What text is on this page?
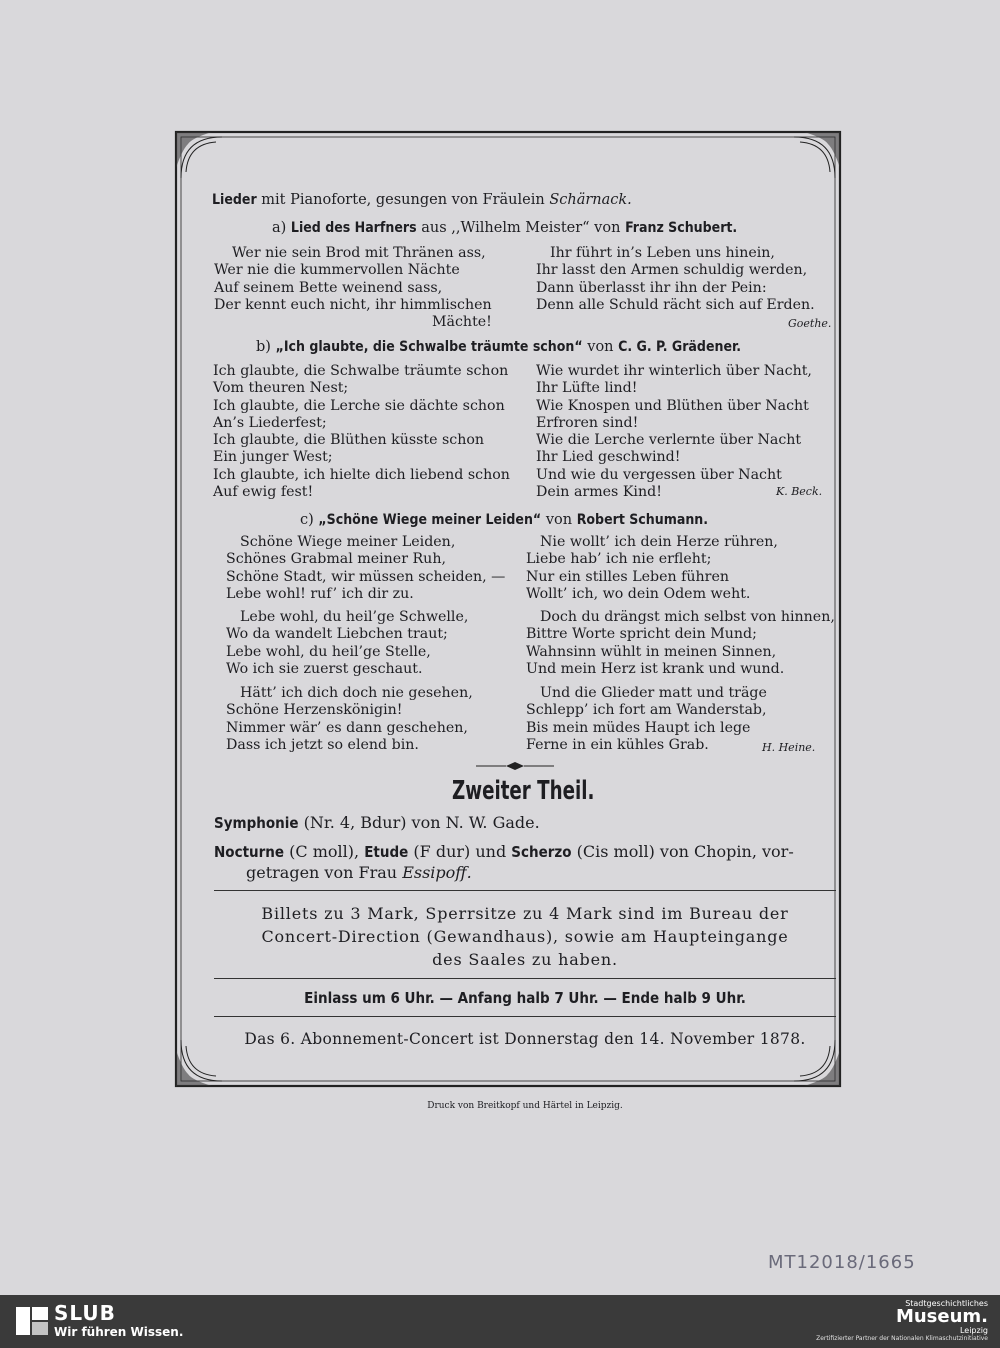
Lieder mit Pianoforte, gesungen von Fräulein Schärnack.
a) Lied des Harfners aus ,,Wilhelm Meister“ von Franz Schubert.
Wer nie sein Brod mit Thränen ass,
Wer nie die kummervollen Nächte
Auf seinem Bette weinend sass,
Der kennt euch nicht, ihr himmlischen
Mächte!
Ihr führt in’s Leben uns hinein,
Ihr lasst den Armen schuldig werden,
Dann überlasst ihr ihn der Pein:
Denn alle Schuld rächt sich auf Erden.
Goethe.
b) „Ich glaubte, die Schwalbe träumte schon“ von C. G. P. Grädener.
Ich glaubte, die Schwalbe träumte schon
Vom theuren Nest;
Ich glaubte, die Lerche sie dächte schon
An’s Liederfest;
Ich glaubte, die Blüthen küsste schon
Ein junger West;
Ich glaubte, ich hielte dich liebend schon
Auf ewig fest!
Wie wurdet ihr winterlich über Nacht,
Ihr Lüfte lind!
Wie Knospen und Blüthen über Nacht
Erfroren sind!
Wie die Lerche verlernte über Nacht
Ihr Lied geschwind!
Und wie du vergessen über Nacht
Dein armes Kind!	K. Beck.
c) „Schöne Wiege meiner Leiden“ von Robert Schumann.
Schöne Wiege meiner Leiden,
Schönes Grabmal meiner Ruh,
Schöne Stadt, wir müssen scheiden, —
Lebe wohl! ruf’ ich dir zu.
Nie wollt’ ich dein Herze rühren,
Liebe hab’ ich nie erfleht;
Nur ein stilles Leben führen
Wollt’ ich, wo dein Odem weht.
Lebe wohl, du heil’ge Schwelle,
Wo da wandelt Liebchen traut;
Lebe wohl, du heil’ge Stelle,
Wo ich sie zuerst geschaut.
Doch du drängst mich selbst von hinnen,
Bittre Worte spricht dein Mund;
Wahnsinn wühlt in meinen Sinnen,
Und mein Herz ist krank und wund.
Hätt’ ich dich doch nie gesehen,
Schöne Herzenskönigin!
Nimmer wär’ es dann geschehen,
Dass ich jetzt so elend bin.
Und die Glieder matt und träge
Schlepp’ ich fort am Wanderstab,
Bis mein müdes Haupt ich lege
Ferne in ein kühles Grab.	H. Heine.
Zweiter Theil.
Symphonie (Nr. 4, Bdur) von N. W. Gade.
Nocturne (C moll), Etude (F dur) und Scherzo (Cis moll) von Chopin, vor-
getragen von Frau Essipoff.
Billets zu 3 Mark, Sperrsitze zu 4 Mark sind im Bureau der
Concert-Direction (Gewandhaus), sowie am Haupteingange
des Saales zu haben.
Einlass um 6 Uhr. — Anfang halb 7 Uhr. — Ende halb 9 Uhr.
Das 6. Abonnement-Concert ist Donnerstag den 14. November 1878.
Druck von Breitkopf und Härtel in Leipzig.
MT12018/1665
SLUB
Wir führen Wissen.
Stadtgeschichtliches
Museum.
Leipzig
Zertifizierter Partner der Nationalen Klimaschutzinitiative
